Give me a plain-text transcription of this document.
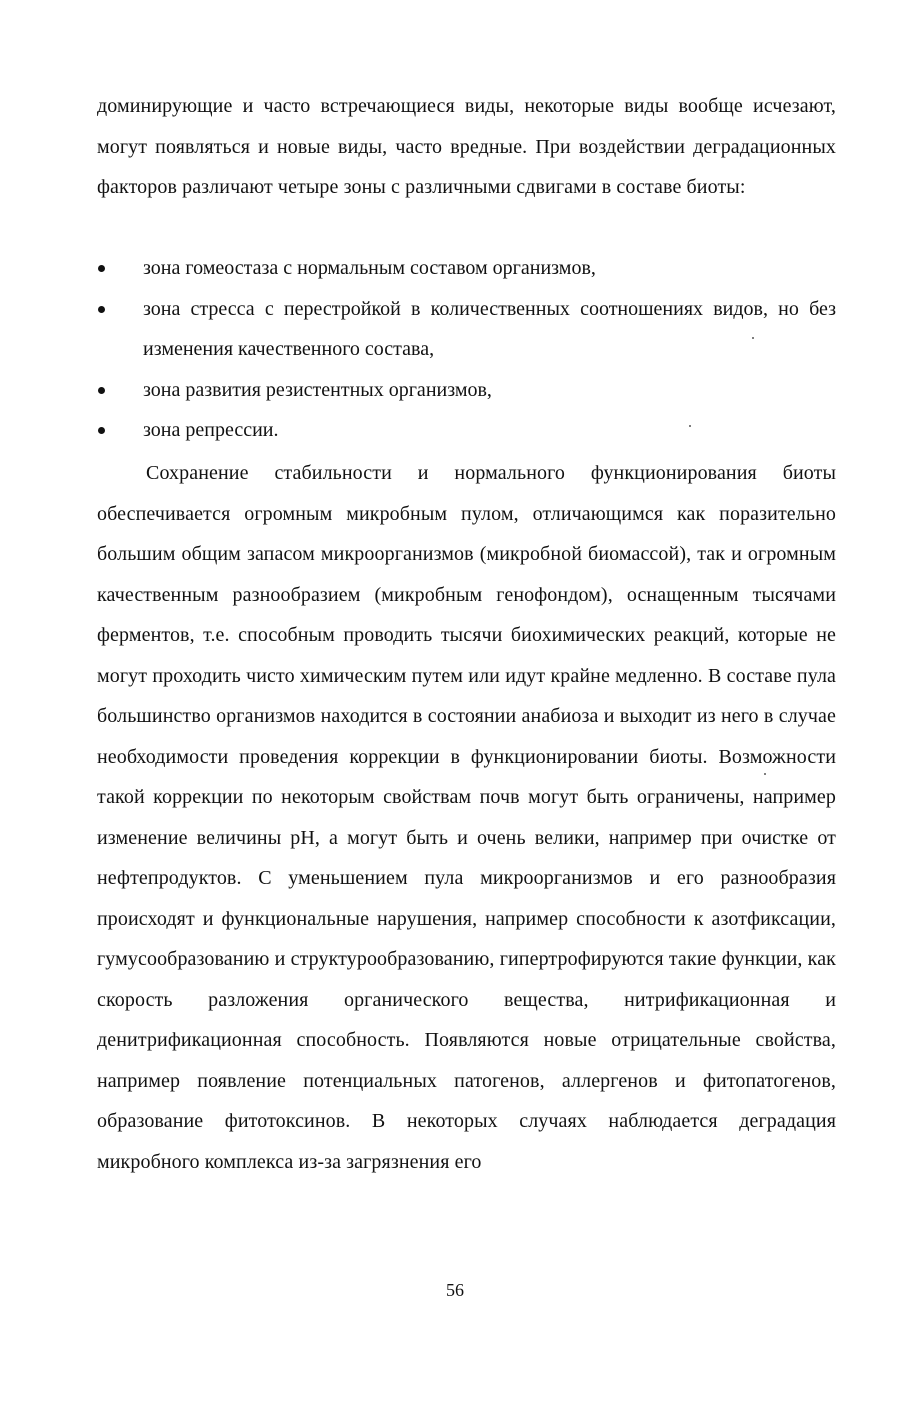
доминирующие и часто встречающиеся виды, некоторые виды вообще исчезают, могут появляться и новые виды, часто вредные. При воздействии деградационных факторов различают четыре зоны с различными сдвигами в составе биоты:

зона гомеостаза с нормальным составом организмов,
зона стресса с перестройкой в количественных соотношениях видов, но без изменения качественного состава,
зона развития резистентных организмов,
зона репрессии.

Сохранение стабильности и нормального функционирования биоты обеспечивается огромным микробным пулом, отличающимся как поразительно большим общим запасом микроорганизмов (микробной биомассой), так и огромным качественным разнообразием (микробным генофондом), оснащенным тысячами ферментов, т.е. способным проводить тысячи биохимических реакций, которые не могут проходить чисто химическим путем или идут крайне медленно. В составе пула большинство организмов находится в состоянии анабиоза и выходит из него в случае необходимости проведения коррекции в функционировании биоты. Возможности такой коррекции по некоторым свойствам почв могут быть ограничены, например изменение величины pH, а могут быть и очень велики, например при очистке от нефтепродуктов. С уменьшением пула микроорганизмов и его разнообразия происходят и функциональные нарушения, например способности к азотфиксации, гумусообразованию и структурообразованию, гипертрофируются такие функции, как скорость разложения органического вещества, нитрификационная и денитрификационная способность. Появляются новые отрицательные свойства, например появление потенциальных патогенов, аллергенов и фитопатогенов, образование фитотоксинов. В некоторых случаях наблюдается деградация микробного комплекса из-за загрязнения его

56
